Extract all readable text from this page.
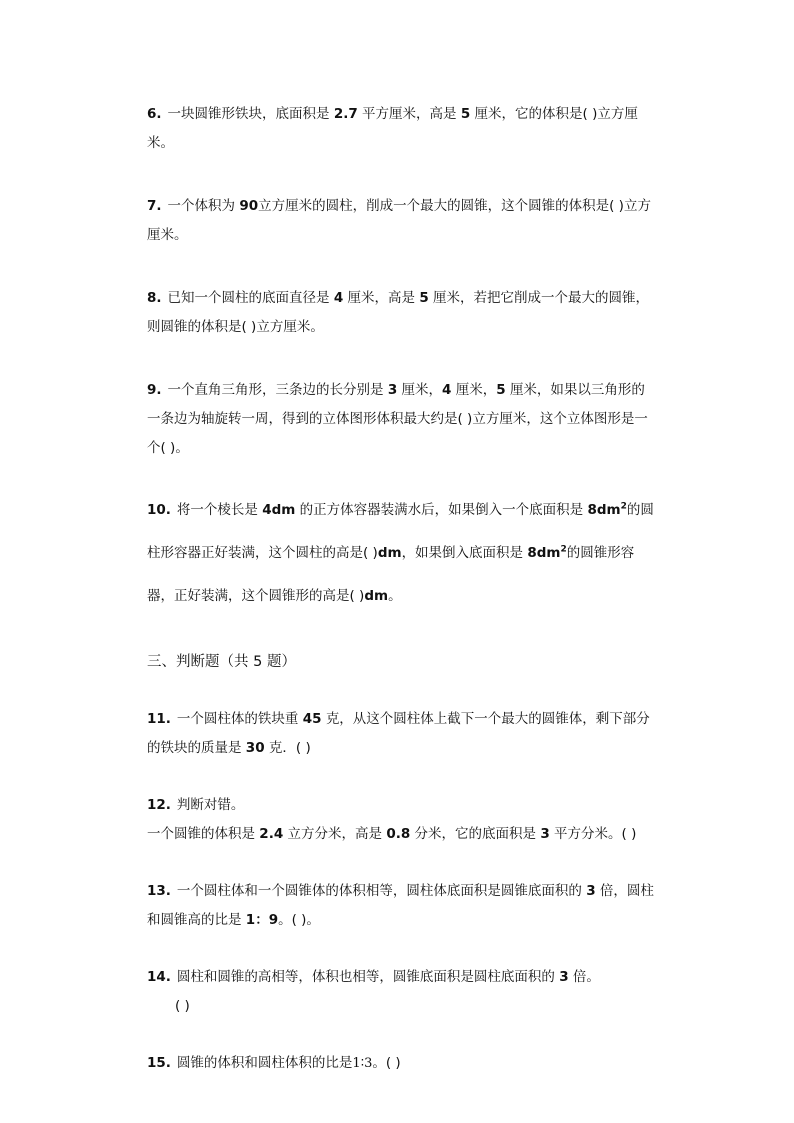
6. 一块圆锥形铁块，底面积是 2.7 平方厘米，高是 5 厘米，它的体积是( )立方厘米。

7. 一个体积为 90立方厘米的圆柱，削成一个最大的圆锥，这个圆锥的体积是( )立方厘米。

8. 已知一个圆柱的底面直径是 4 厘米，高是 5 厘米，若把它削成一个最大的圆锥，则圆锥的体积是( )立方厘米。

9. 一个直角三角形，三条边的长分别是 3 厘米，4 厘米，5 厘米，如果以三角形的一条边为轴旋转一周，得到的立体图形体积最大约是( )立方厘米，这个立体图形是一个( )。

10. 将一个棱长是 4dm 的正方体容器装满水后，如果倒入一个底面积是 $8dm^2$的圆柱形容器正好装满，这个圆柱的高是( )dm，如果倒入底面积是 $8dm^2$的圆锥形容器，正好装满，这个圆锥形的高是( )dm。

三、判断题（共 5 题）

11. 一个圆柱体的铁块重 45 克，从这个圆柱体上截下一个最大的圆锥体，剩下部分的铁块的质量是 30 克．( )

12. 判断对错。
一个圆锥的体积是 2.4 立方分米，高是 0.8 分米，它的底面积是 3 平方分米。( )

13. 一个圆柱体和一个圆锥体的体积相等，圆柱体底面积是圆锥底面积的 3 倍，圆柱和圆锥高的比是 1：9。( )。

14. 圆柱和圆锥的高相等，体积也相等，圆锥底面积是圆柱底面积的 3 倍。
( )

15. 圆锥的体积和圆柱体积的比是1∶3。( )
